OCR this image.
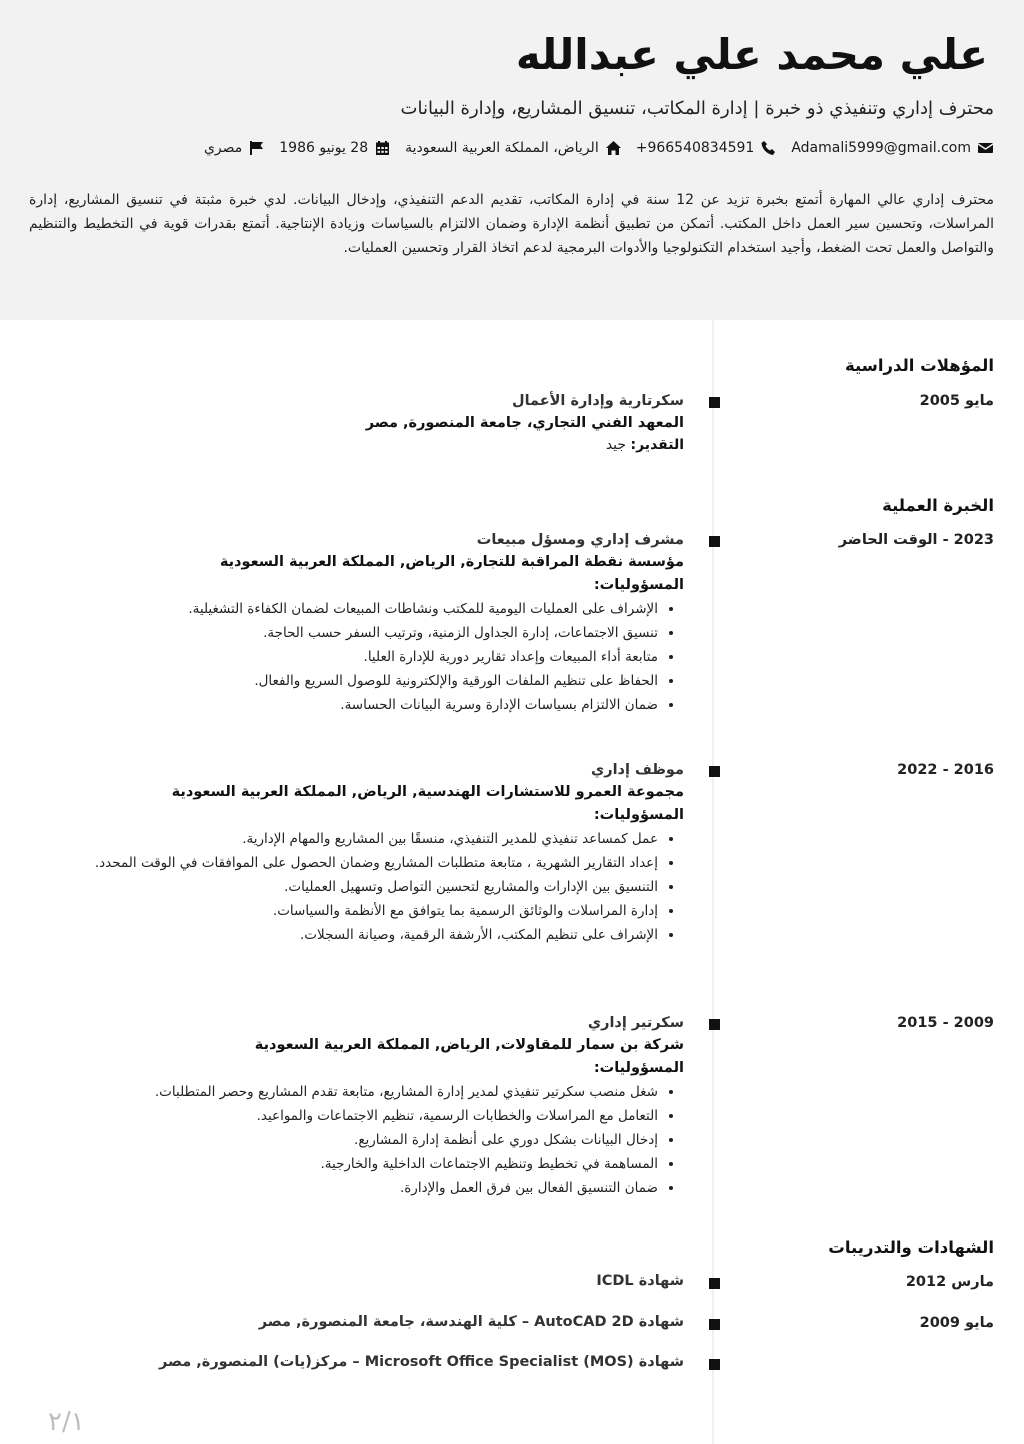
علي محمد علي عبدالله
محترف إداري وتنفيذي ذو خبرة | إدارة المكاتب، تنسيق المشاريع، وإدارة البيانات
Adamali5999@gmail.com
966540834591+
الرياض، المملكة العربية السعودية
28 يونيو 1986
مصري
محترف إداري عالي المهارة أتمتع بخبرة تزيد عن 12 سنة في إدارة المكاتب، تقديم الدعم التنفيذي، وإدخال البيانات. لدي خبرة مثبتة في تنسيق المشاريع، إدارة المراسلات، وتحسين سير العمل داخل المكتب. أتمكن من تطبيق أنظمة الإدارة وضمان الالتزام بالسياسات وزيادة الإنتاجية. أتمتع بقدرات قوية في التخطيط والتنظيم والتواصل والعمل تحت الضغط، وأجيد استخدام التكنولوجيا والأدوات البرمجية لدعم اتخاذ القرار وتحسين العمليات.
المؤهلات الدراسية
مايو 2005
سكرتارية وإدارة الأعمال
المعهد الفني التجاري، جامعة المنصورة, مصر
التقدير: جيد
الخبرة العملية
2023 - الوقت الحاضر
مشرف إداري ومسؤل مبيعات
مؤسسة نقطة المراقبة للتجارة, الرياض, المملكة العربية السعودية
المسؤوليات:
• الإشراف على العمليات اليومية للمكتب ونشاطات المبيعات لضمان الكفاءة التشغيلية.
• تنسيق الاجتماعات، إدارة الجداول الزمنية، وترتيب السفر حسب الحاجة.
• متابعة أداء المبيعات وإعداد تقارير دورية للإدارة العليا.
• الحفاظ على تنظيم الملفات الورقية والإلكترونية للوصول السريع والفعال.
• ضمان الالتزام بسياسات الإدارة وسرية البيانات الحساسة.
2016 - 2022
موظف إداري
مجموعة العمرو للاستشارات الهندسية, الرياض, المملكة العربية السعودية
المسؤوليات:
• عمل كمساعد تنفيذي للمدير التنفيذي، منسقًا بين المشاريع والمهام الإدارية.
• إعداد التقارير الشهرية ، متابعة متطلبات المشاريع وضمان الحصول على الموافقات في الوقت المحدد.
• التنسيق بين الإدارات والمشاريع لتحسين التواصل وتسهيل العمليات.
• إدارة المراسلات والوثائق الرسمية بما يتوافق مع الأنظمة والسياسات.
• الإشراف على تنظيم المكتب، الأرشفة الرقمية، وصيانة السجلات.
2009 - 2015
سكرتير إداري
شركة بن سمار للمقاولات, الرياض, المملكة العربية السعودية
المسؤوليات:
• شغل منصب سكرتير تنفيذي لمدير إدارة المشاريع، متابعة تقدم المشاريع وحصر المتطلبات.
• التعامل مع المراسلات والخطابات الرسمية، تنظيم الاجتماعات والمواعيد.
• إدخال البيانات بشكل دوري على أنظمة إدارة المشاريع.
• المساهمة في تخطيط وتنظيم الاجتماعات الداخلية والخارجية.
• ضمان التنسيق الفعال بين فرق العمل والإدارة.
الشهادات والتدريبات
مارس 2012
شهادة ICDL
مايو 2009
شهادة AutoCAD 2D – كلية الهندسة، جامعة المنصورة, مصر
شهادة Microsoft Office Specialist (MOS) – مركز(يات) المنصورة, مصر
٢/١
